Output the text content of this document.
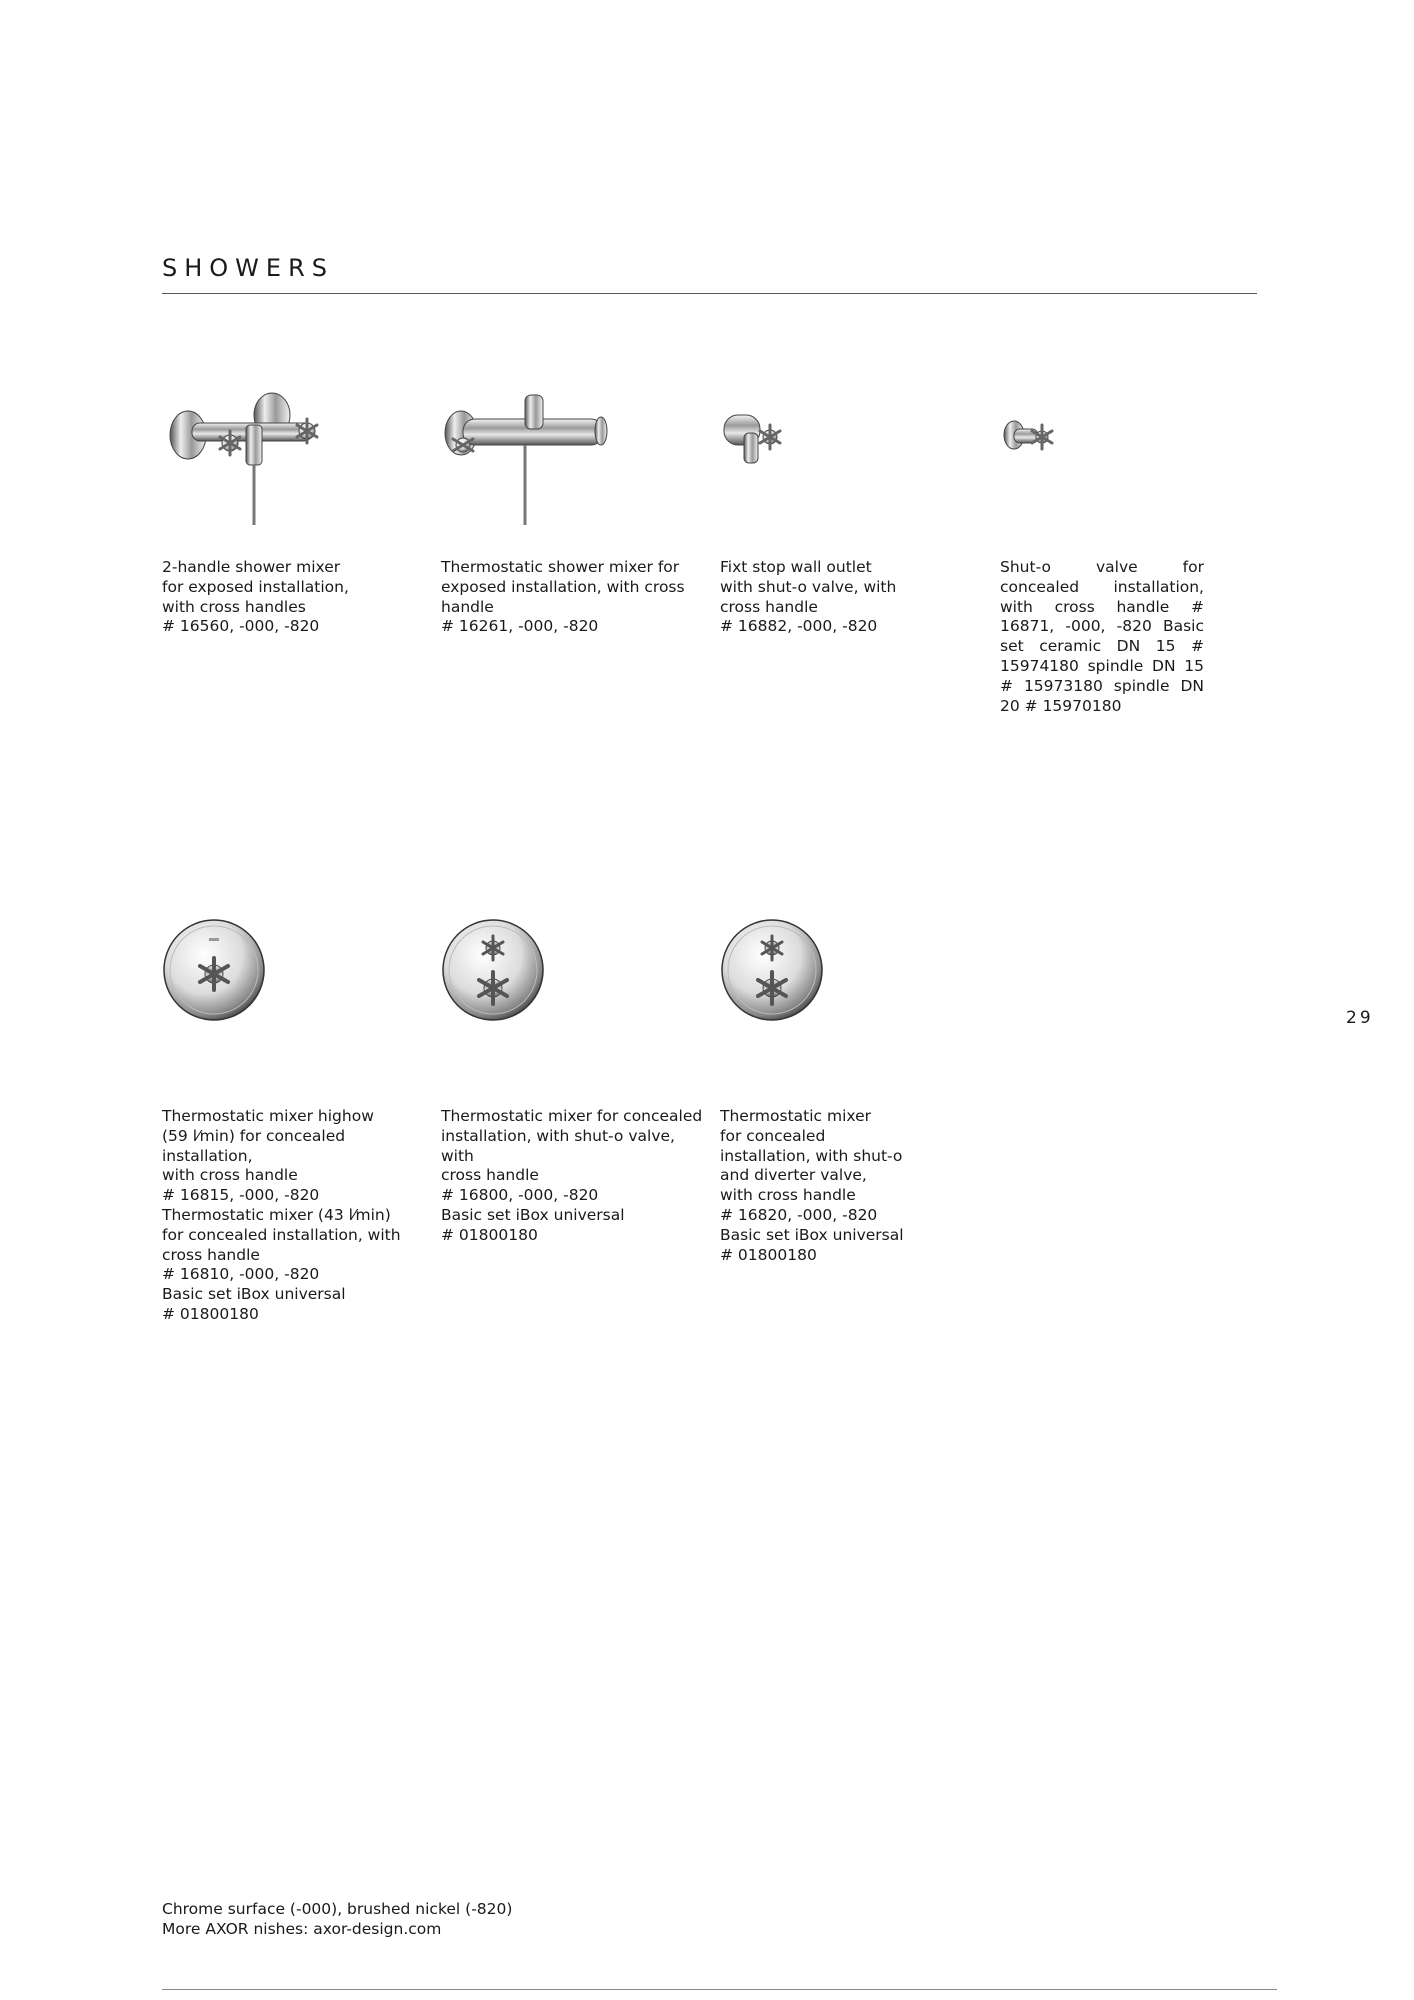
SHOWERS

2-handle shower mixer
for exposed installation,
with cross handles
# 16560, -000, -820

Thermostatic shower mixer for
exposed installation, with cross
handle
# 16261, -000, -820

Fixt stop wall outlet
with shut-o valve, with
cross handle
# 16882, -000, -820

Shut-o valve for concealed installation, with cross handle # 16871, -000, -820 Basic set ceramic DN 15 # 15974180 spindle DN 15 # 15973180 spindle DN 20 # 15970180

Thermostatic mixer highow
(59 l⁄min) for concealed installation,
with cross handle
# 16815, -000, -820
Thermostatic mixer (43 l⁄min)
for concealed installation, with
cross handle
# 16810, -000, -820
Basic set iBox universal
# 01800180

Thermostatic mixer for concealed
installation, with shut-o valve, with
cross handle
# 16800, -000, -820
Basic set iBox universal
# 01800180

Thermostatic mixer
for concealed
installation, with shut-o
and diverter valve,
with cross handle
# 16820, -000, -820
Basic set iBox universal
# 01800180

29
Chrome surface (-000), brushed nickel (-820)
More AXOR nishes: axor-design.com
